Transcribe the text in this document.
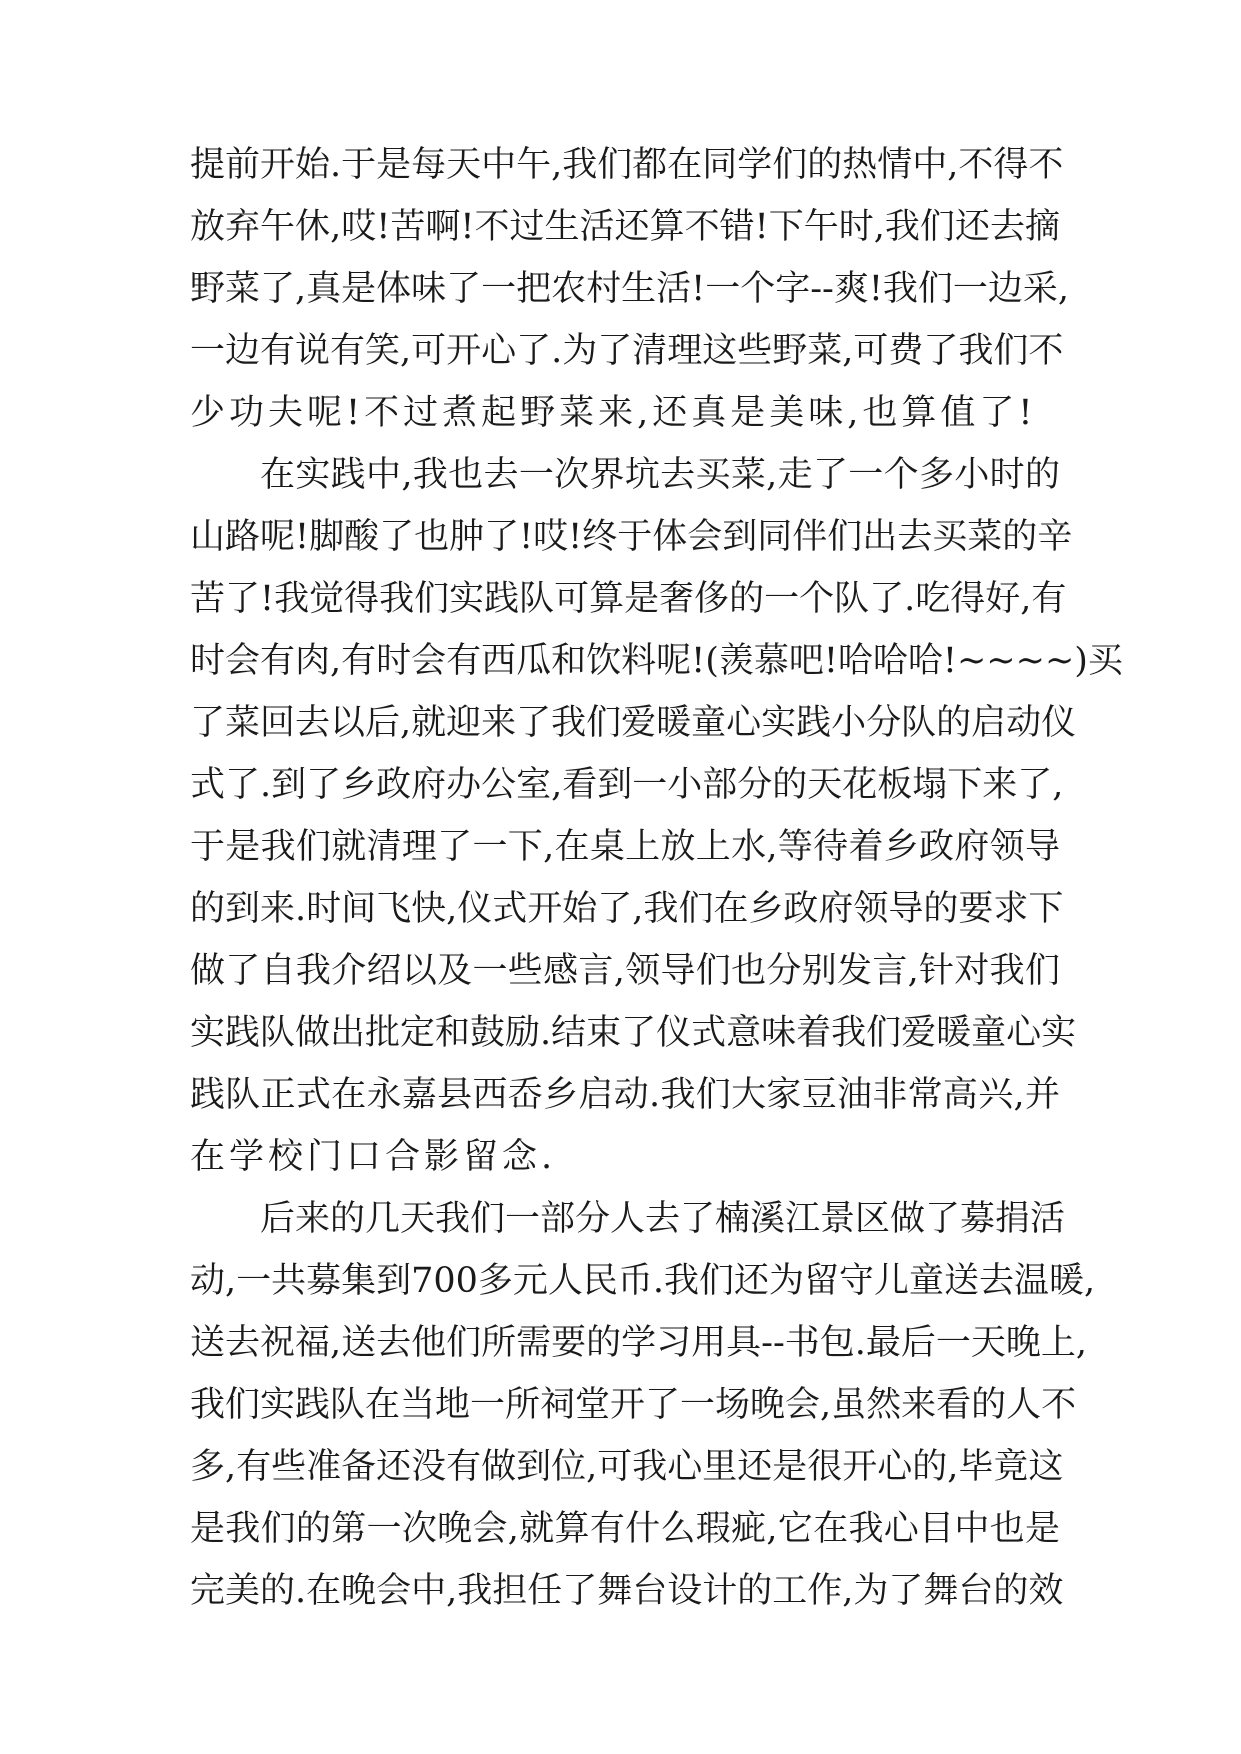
提前开始.于是每天中午,我们都在同学们的热情中,不得不
放弃午休,哎!苦啊!不过生活还算不错!下午时,我们还去摘
野菜了,真是体味了一把农村生活!一个字--爽!我们一边采,
一边有说有笑,可开心了.为了清理这些野菜,可费了我们不
少功夫呢!不过煮起野菜来,还真是美味,也算值了!
在实践中,我也去一次界坑去买菜,走了一个多小时的
山路呢!脚酸了也肿了!哎!终于体会到同伴们出去买菜的辛
苦了!我觉得我们实践队可算是奢侈的一个队了.吃得好,有
时会有肉,有时会有西瓜和饮料呢!(羡慕吧!哈哈哈!~~~~)买
了菜回去以后,就迎来了我们爱暖童心实践小分队的启动仪
式了.到了乡政府办公室,看到一小部分的天花板塌下来了,
于是我们就清理了一下,在桌上放上水,等待着乡政府领导
的到来.时间飞快,仪式开始了,我们在乡政府领导的要求下
做了自我介绍以及一些感言,领导们也分别发言,针对我们
实践队做出批定和鼓励.结束了仪式意味着我们爱暖童心实
践队正式在永嘉县西岙乡启动.我们大家豆油非常高兴,并
在学校门口合影留念.
后来的几天我们一部分人去了楠溪江景区做了募捐活
动,一共募集到700多元人民币.我们还为留守儿童送去温暖,
送去祝福,送去他们所需要的学习用具--书包.最后一天晚上,
我们实践队在当地一所祠堂开了一场晚会,虽然来看的人不
多,有些准备还没有做到位,可我心里还是很开心的,毕竟这
是我们的第一次晚会,就算有什么瑕疵,它在我心目中也是
完美的.在晚会中,我担任了舞台设计的工作,为了舞台的效
